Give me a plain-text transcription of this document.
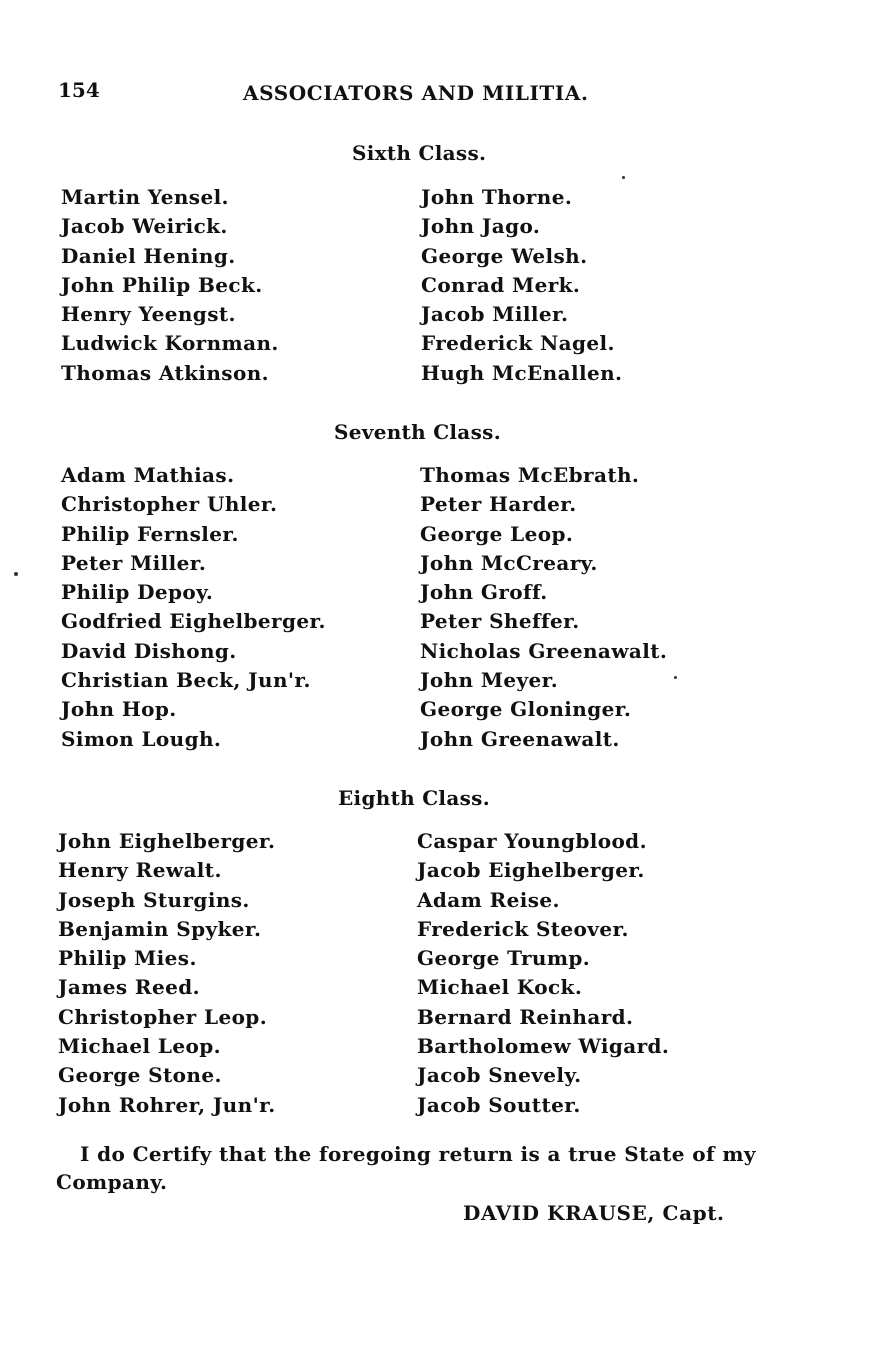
154	ASSOCIATORS AND MILITIA.
Sixth Class.
Martin Yensel.
Jacob Weirick.
Daniel Hening.
John Philip Beck.
Henry Yeengst.
Ludwick Kornman.
Thomas Atkinson.
John Thorne.
John Jago.
George Welsh.
Conrad Merk.
Jacob Miller.
Frederick Nagel.
Hugh McEnallen.
Seventh Class.
Adam Mathias.
Christopher Uhler.
Philip Fernsler.
Peter Miller.
Philip Depoy.
Godfried Eighelberger.
David Dishong.
Christian Beck, Jun'r.
John Hop.
Simon Lough.
Thomas McEbrath.
Peter Harder.
George Leop.
John McCreary.
John Groff.
Peter Sheffer.
Nicholas Greenawalt.
John Meyer.
George Gloninger.
John Greenawalt.
Eighth Class.
John Eighelberger.
Henry Rewalt.
Joseph Sturgins.
Benjamin Spyker.
Philip Mies.
James Reed.
Christopher Leop.
Michael Leop.
George Stone.
John Rohrer, Jun'r.
Caspar Youngblood.
Jacob Eighelberger.
Adam Reise.
Frederick Steover.
George Trump.
Michael Kock.
Bernard Reinhard.
Bartholomew Wigard.
Jacob Snevely.
Jacob Soutter.
I do Certify that the foregoing return is a true State of my Company.
DAVID KRAUSE, Capt.
